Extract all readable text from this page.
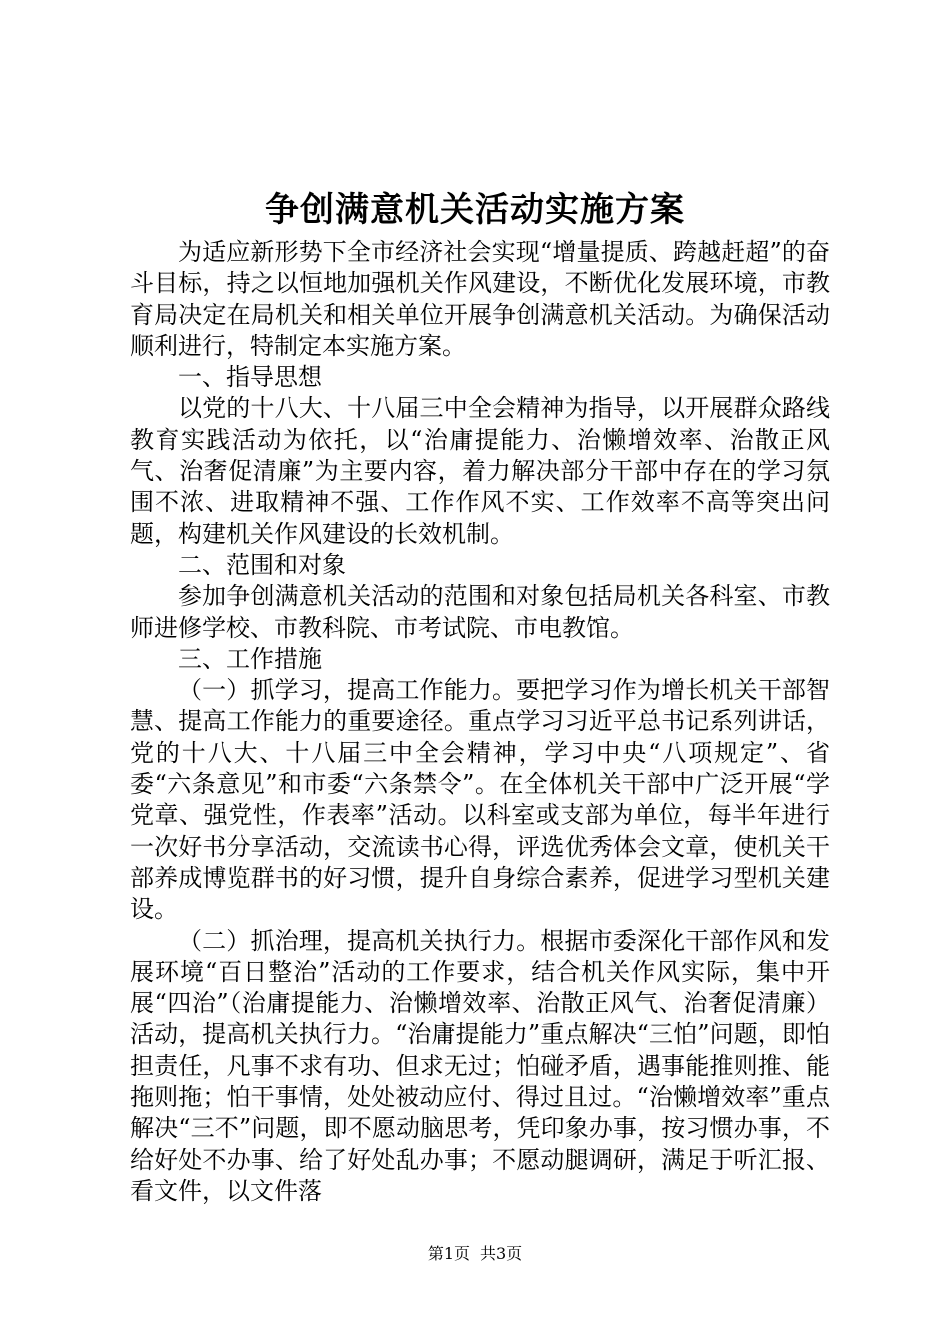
争创满意机关活动实施方案

为适应新形势下全市经济社会实现“增量提质、跨越赶超”的奋斗目标，持之以恒地加强机关作风建设，不断优化发展环境，市教育局决定在局机关和相关单位开展争创满意机关活动。为确保活动顺利进行，特制定本实施方案。

一、指导思想

以党的十八大、十八届三中全会精神为指导，以开展群众路线教育实践活动为依托，以“治庸提能力、治懒增效率、治散正风气、治奢促清廉”为主要内容，着力解决部分干部中存在的学习氛围不浓、进取精神不强、工作作风不实、工作效率不高等突出问题，构建机关作风建设的长效机制。

二、范围和对象

参加争创满意机关活动的范围和对象包括局机关各科室、市教师进修学校、市教科院、市考试院、市电教馆。

三、工作措施

（一）抓学习，提高工作能力。要把学习作为增长机关干部智慧、提高工作能力的重要途径。重点学习习近平总书记系列讲话，党的十八大、十八届三中全会精神，学习中央“八项规定”、省委“六条意见”和市委“六条禁令”。在全体机关干部中广泛开展“学党章、强党性，作表率”活动。以科室或支部为单位，每半年进行一次好书分享活动，交流读书心得，评选优秀体会文章，使机关干部养成博览群书的好习惯，提升自身综合素养，促进学习型机关建设。

（二）抓治理，提高机关执行力。根据市委深化干部作风和发展环境“百日整治”活动的工作要求，结合机关作风实际，集中开展“四治”（治庸提能力、治懒增效率、治散正风气、治奢促清廉）活动，提高机关执行力。“治庸提能力”重点解决“三怕”问题，即怕担责任，凡事不求有功、但求无过；怕碰矛盾，遇事能推则推、能拖则拖；怕干事情，处处被动应付、得过且过。“治懒增效率”重点解决“三不”问题，即不愿动脑思考，凭印象办事，按习惯办事，不给好处不办事、给了好处乱办事；不愿动腿调研，满足于听汇报、看文件，以文件落

第1页 共3页
